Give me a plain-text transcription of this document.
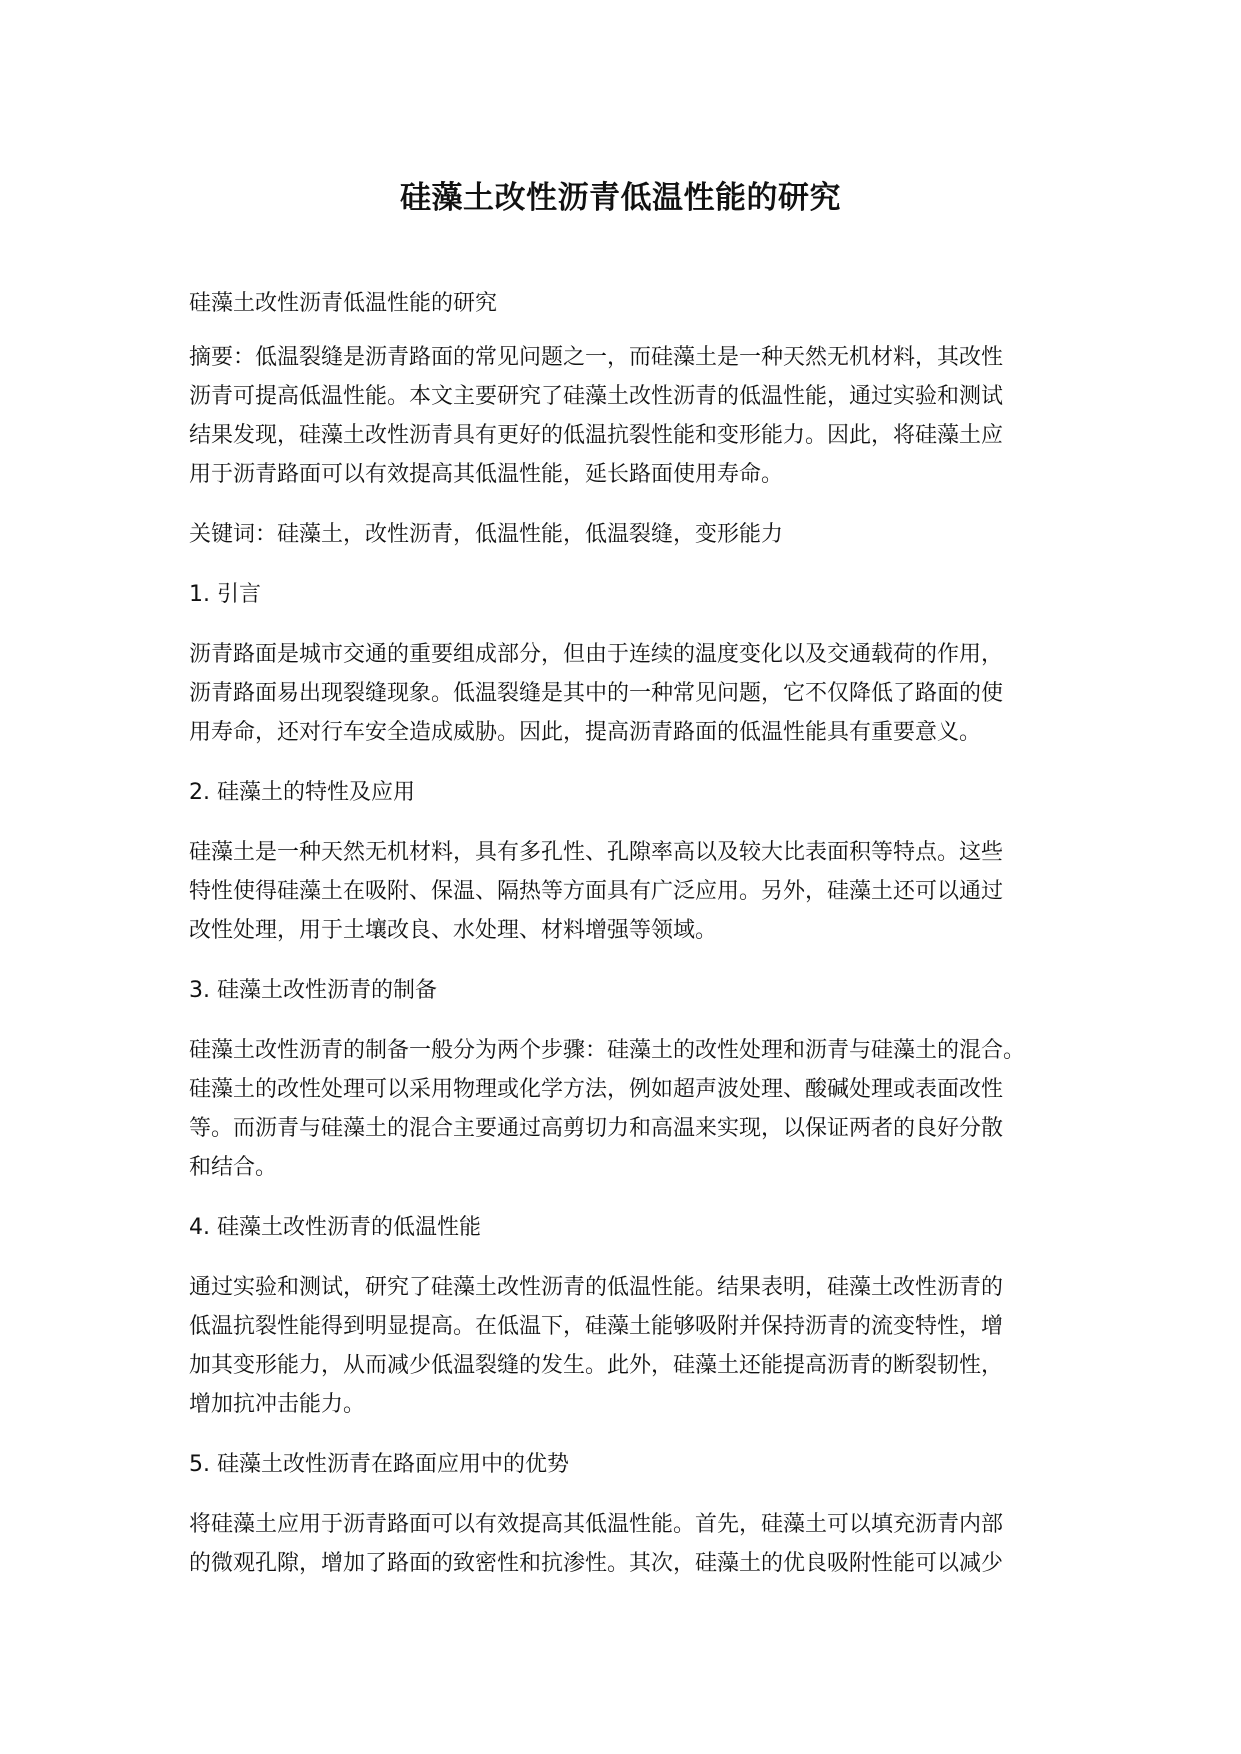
硅藻土改性沥青低温性能的研究

硅藻土改性沥青低温性能的研究

摘要：低温裂缝是沥青路面的常见问题之一，而硅藻土是一种天然无机材料，其改性

沥青可提高低温性能。本文主要研究了硅藻土改性沥青的低温性能，通过实验和测试

结果发现，硅藻土改性沥青具有更好的低温抗裂性能和变形能力。因此，将硅藻土应

用于沥青路面可以有效提高其低温性能，延长路面使用寿命。

关键词：硅藻土，改性沥青，低温性能，低温裂缝，变形能力

1. 引言

沥青路面是城市交通的重要组成部分，但由于连续的温度变化以及交通载荷的作用，

沥青路面易出现裂缝现象。低温裂缝是其中的一种常见问题，它不仅降低了路面的使

用寿命，还对行车安全造成威胁。因此，提高沥青路面的低温性能具有重要意义。

2. 硅藻土的特性及应用

硅藻土是一种天然无机材料，具有多孔性、孔隙率高以及较大比表面积等特点。这些

特性使得硅藻土在吸附、保温、隔热等方面具有广泛应用。另外，硅藻土还可以通过

改性处理，用于土壤改良、水处理、材料增强等领域。

3. 硅藻土改性沥青的制备

硅藻土改性沥青的制备一般分为两个步骤：硅藻土的改性处理和沥青与硅藻土的混合。

硅藻土的改性处理可以采用物理或化学方法，例如超声波处理、酸碱处理或表面改性

等。而沥青与硅藻土的混合主要通过高剪切力和高温来实现，以保证两者的良好分散

和结合。

4. 硅藻土改性沥青的低温性能

通过实验和测试，研究了硅藻土改性沥青的低温性能。结果表明，硅藻土改性沥青的

低温抗裂性能得到明显提高。在低温下，硅藻土能够吸附并保持沥青的流变特性，增

加其变形能力，从而减少低温裂缝的发生。此外，硅藻土还能提高沥青的断裂韧性，

增加抗冲击能力。

5. 硅藻土改性沥青在路面应用中的优势

将硅藻土应用于沥青路面可以有效提高其低温性能。首先，硅藻土可以填充沥青内部

的微观孔隙，增加了路面的致密性和抗渗性。其次，硅藻土的优良吸附性能可以减少
